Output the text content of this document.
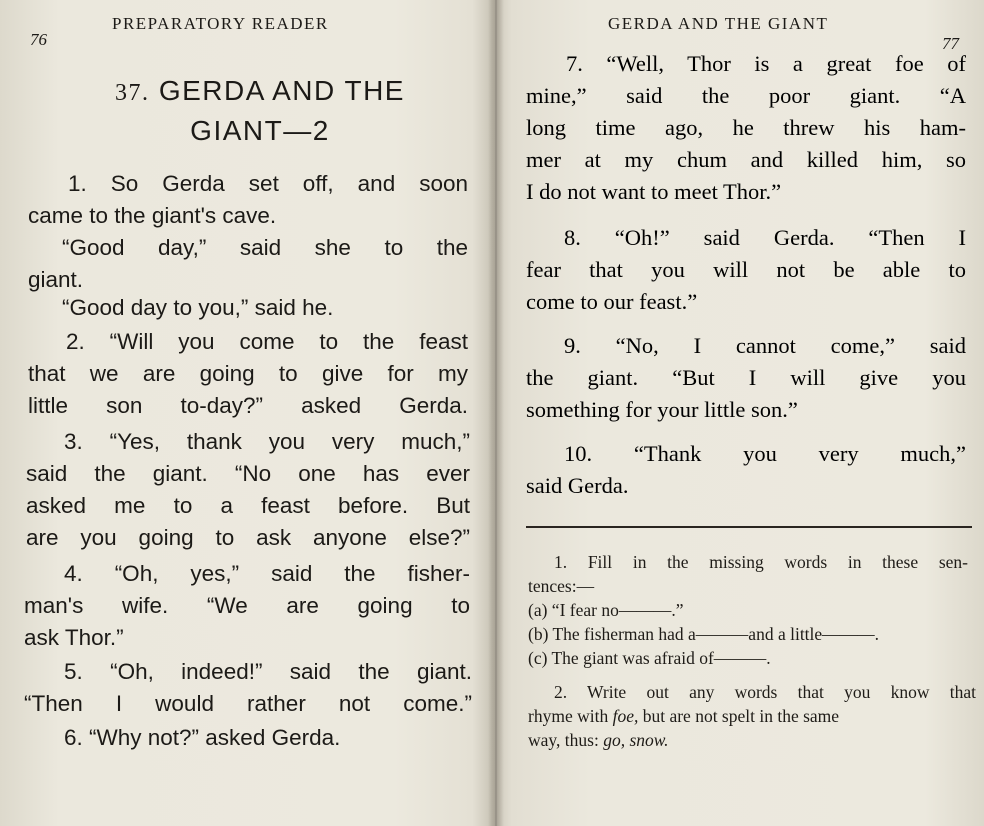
76
PREPARATORY READER
37. GERDA AND THE
GIANT—2
1. So Gerda set off, and soon
came to the giant's cave.
“Good day,” said she to the
giant.
“Good day to you,” said he.
2. “Will you come to the feast
that we are going to give for my
little son to-day?” asked Gerda.
3. “Yes, thank you very much,”
said the giant. “No one has ever
asked me to a feast before. But
are you going to ask anyone else?”
4. “Oh, yes,” said the fisher-
man's wife. “We are going to
ask Thor.”
5. “Oh, indeed!” said the giant.
“Then I would rather not come.”
6. “Why not?” asked Gerda.
GERDA AND THE GIANT
77
7. “Well, Thor is a great foe of
mine,” said the poor giant. “A
long time ago, he threw his ham-
mer at my chum and killed him, so
I do not want to meet Thor.”
8. “Oh!” said Gerda. “Then I
fear that you will not be able to
come to our feast.”
9. “No, I cannot come,” said
the giant. “But I will give you
something for your little son.”
10. “Thank you very much,”
said Gerda.
1. Fill in the missing words in these sen-
tences:—
(a) “I fear no———.”
(b) The fisherman had a———and a little———.
(c) The giant was afraid of———.
2. Write out any words that you know that
rhyme with foe, but are not spelt in the same
way, thus: go, snow.
